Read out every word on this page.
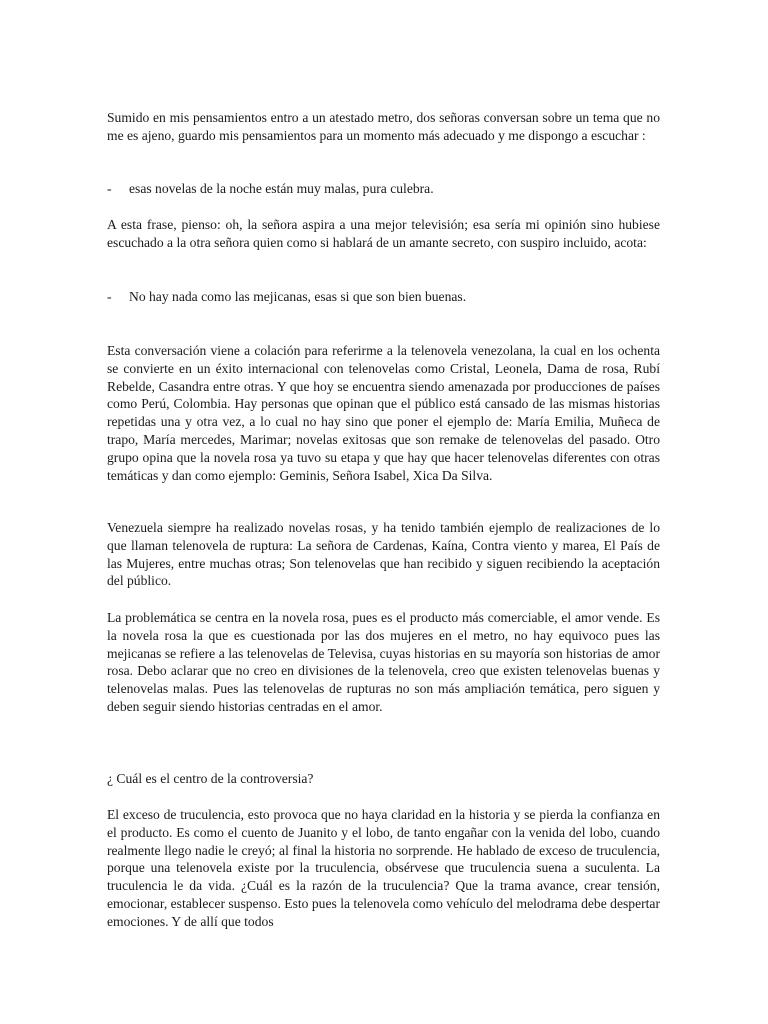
Sumido en mis pensamientos entro a un atestado metro, dos señoras conversan sobre un tema que no me es ajeno, guardo mis pensamientos para un momento más adecuado y me dispongo a escuchar :

- esas novelas de la noche están muy malas, pura culebra.

A esta frase, pienso: oh, la señora aspira a una mejor televisión; esa sería mi opinión sino hubiese escuchado a la otra señora quien como si hablará de un amante secreto, con suspiro incluido, acota:

- No hay nada como las mejicanas, esas si que son bien buenas.

Esta conversación viene a colación para referirme a la telenovela venezolana, la cual en los ochenta se convierte en un éxito internacional con telenovelas como Cristal, Leonela, Dama de rosa, Rubí Rebelde, Casandra entre otras. Y que hoy se encuentra siendo amenazada por producciones de países como Perú, Colombia. Hay personas que opinan que el público está cansado de las mismas historias repetidas una y otra vez, a lo cual no hay sino que poner el ejemplo de: María Emilia, Muñeca de trapo, María mercedes, Marimar; novelas exitosas que son remake de telenovelas del pasado. Otro grupo opina que la novela rosa ya tuvo su etapa y que hay que hacer telenovelas diferentes con otras temáticas y dan como ejemplo: Geminis, Señora Isabel, Xica Da Silva.

Venezuela siempre ha realizado novelas rosas, y ha tenido también ejemplo de realizaciones de lo que llaman telenovela de ruptura: La señora de Cardenas, Kaína, Contra viento y marea, El País de las Mujeres, entre muchas otras; Son telenovelas que han recibido y siguen recibiendo la aceptación del público.

La problemática se centra en la novela rosa, pues es el producto más comerciable, el amor vende. Es la novela rosa la que es cuestionada por las dos mujeres en el metro, no hay equivoco pues las mejicanas se refiere a las telenovelas de Televisa, cuyas historias en su mayoría son historias de amor rosa. Debo aclarar que no creo en divisiones de la telenovela, creo que existen telenovelas buenas y telenovelas malas. Pues las telenovelas de rupturas no son más ampliación temática, pero siguen y deben seguir siendo historias centradas en el amor.

¿ Cuál es el centro de la controversia?

El exceso de truculencia, esto provoca que no haya claridad en la historia y se pierda la confianza en el producto. Es como el cuento de Juanito y el lobo, de tanto engañar con la venida del lobo, cuando realmente llego nadie le creyó; al final la historia no sorprende. He hablado de exceso de truculencia, porque una telenovela existe por la truculencia, obsérvese que truculencia suena a suculenta. La truculencia le da vida. ¿Cuál es la razón de la truculencia? Que la trama avance, crear tensión, emocionar, establecer suspenso. Esto pues la telenovela como vehículo del melodrama debe despertar emociones. Y de allí que todos
